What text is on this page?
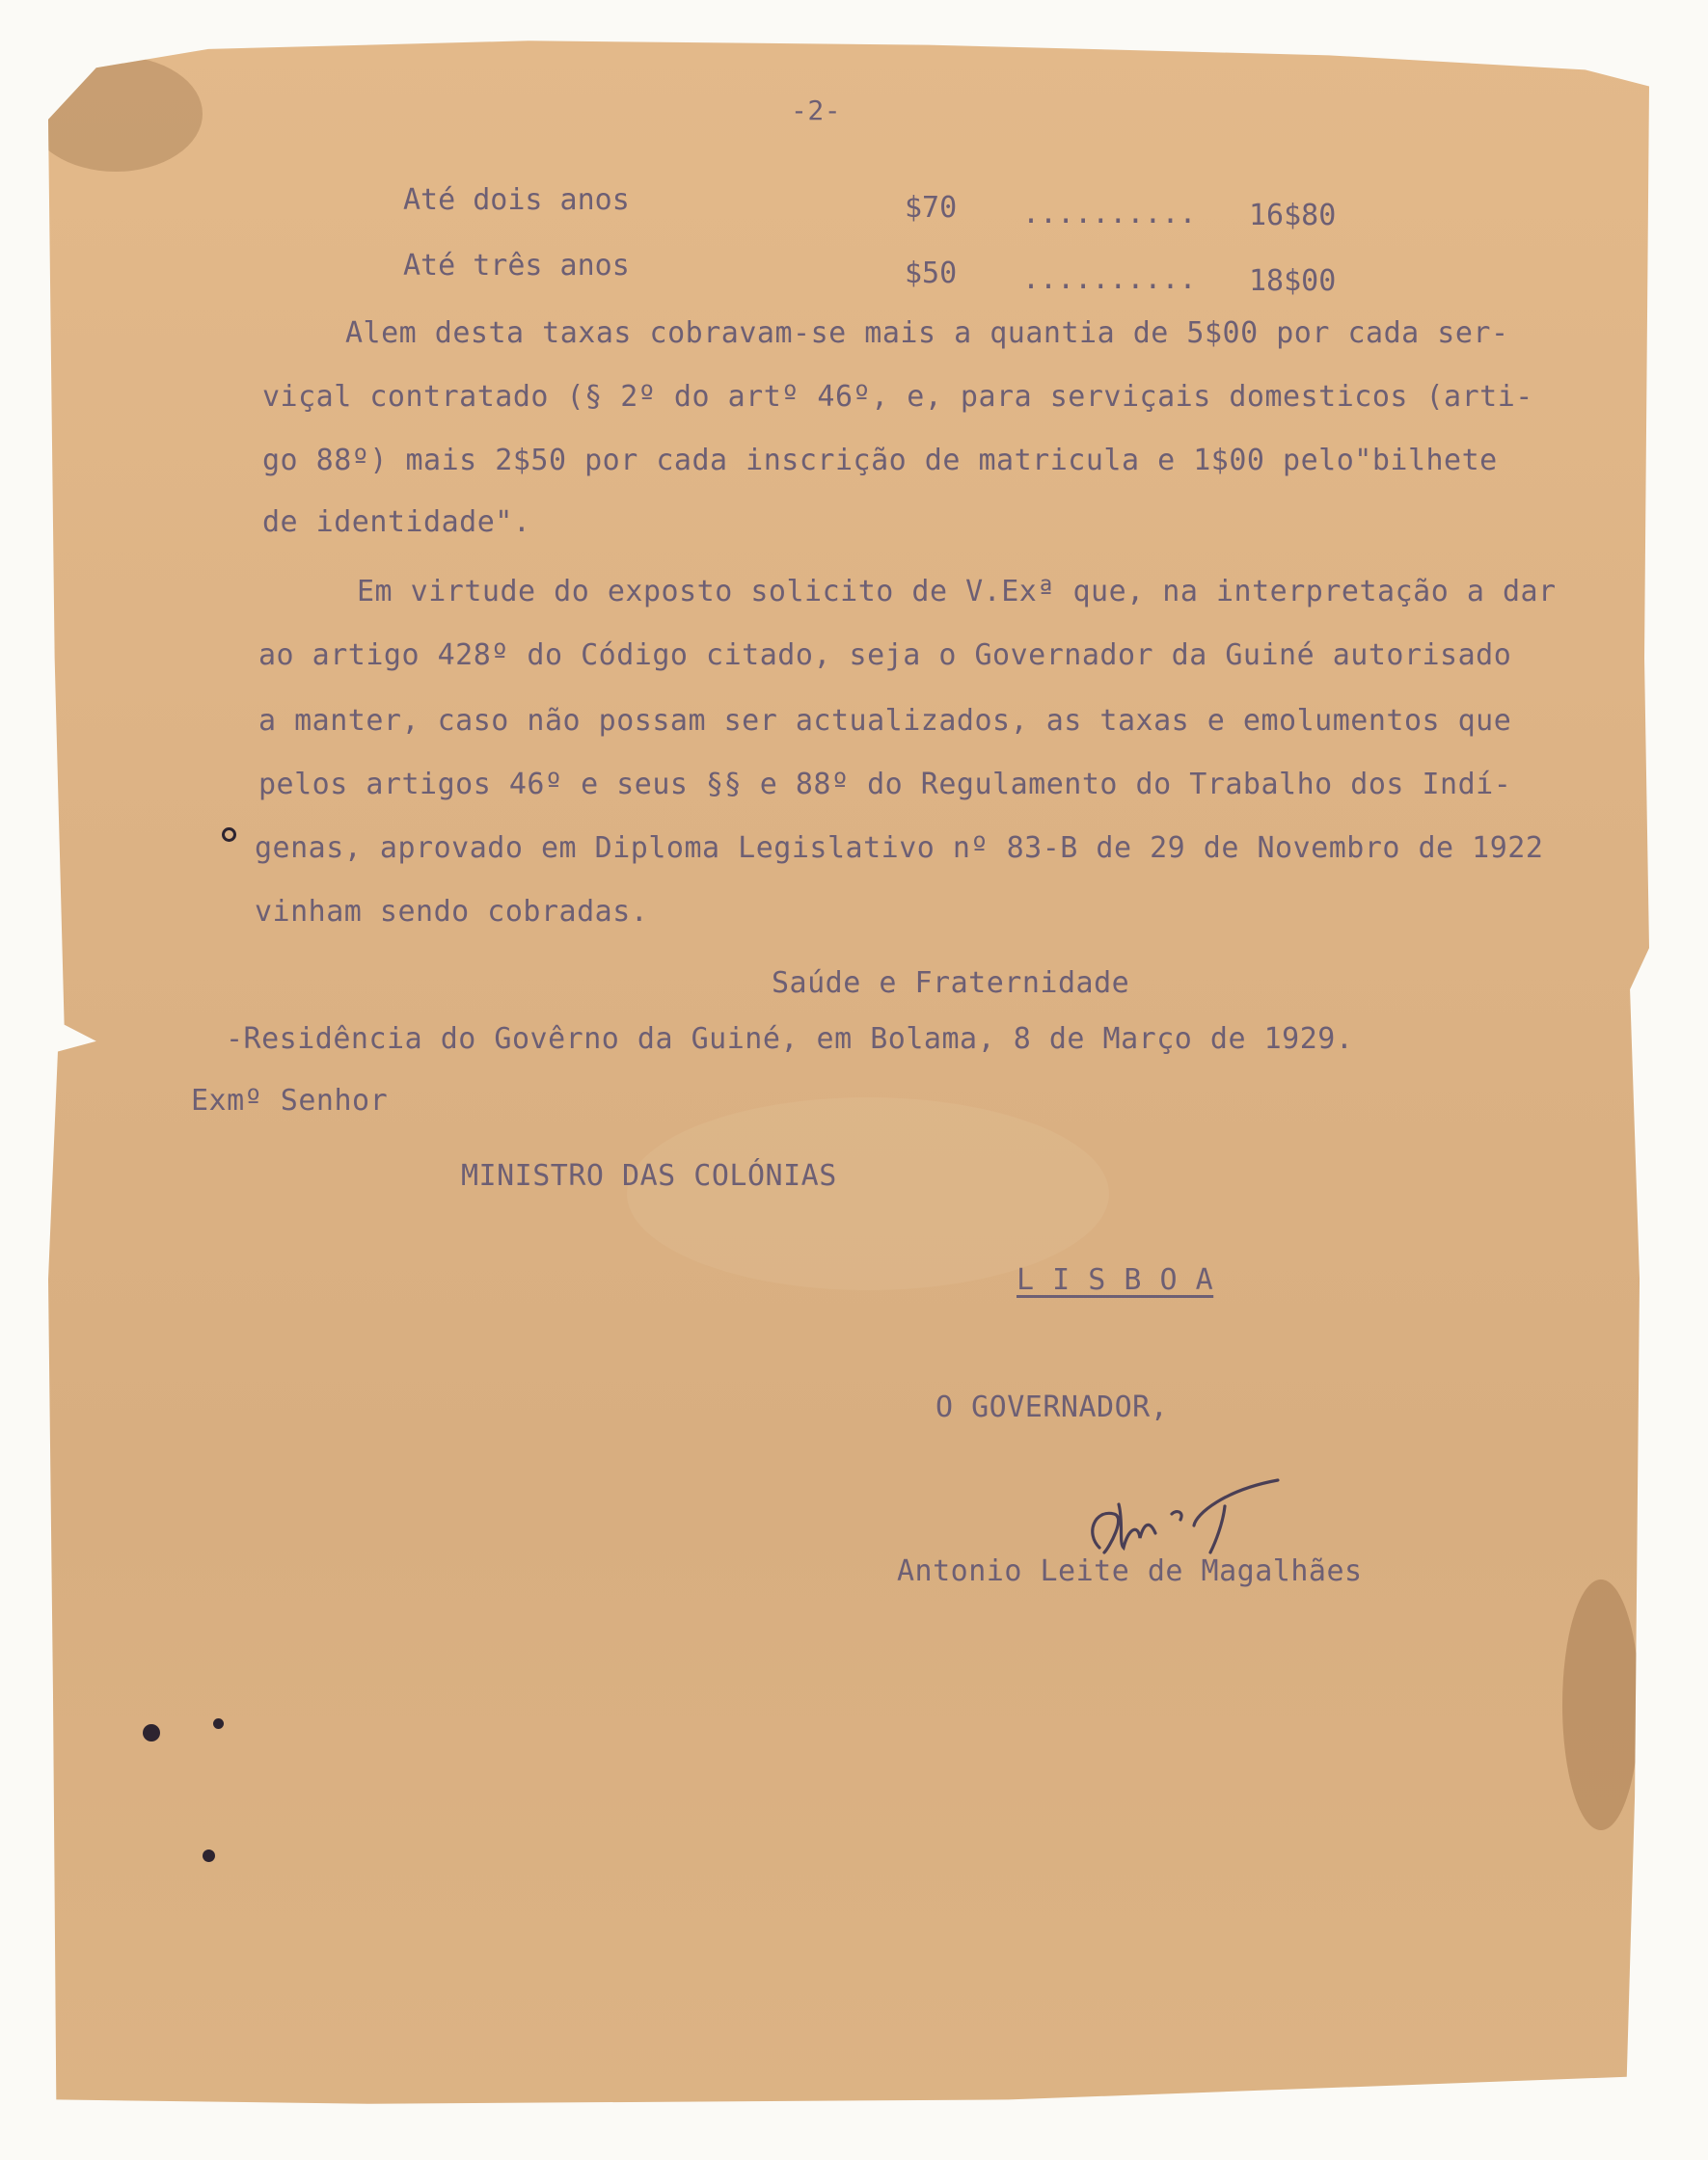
-2-
Até dois anos	$70 .......... 16$80
Até três anos	$50 .......... 18$00
Alem desta taxas cobravam-se mais a quantia de 5$00 por cada ser-
viçal contratado (§ 2º do artº 46º, e, para serviçais domesticos (arti-
go 88º) mais 2$50 por cada inscrição de matricula e 1$00 pelo"bilhete
de identidade".
Em virtude do exposto solicito de V.Exª que, na interpretação a dar
ao artigo 428º do Código citado, seja o Governador da Guiné autorisado
a manter, caso não possam ser actualizados, as taxas e emolumentos que
pelos artigos 46º e seus §§ e 88º do Regulamento do Trabalho dos Indí-
genas, aprovado em Diploma Legislativo nº 83-B de 29 de Novembro de 1922
vinham sendo cobradas.
Saúde e Fraternidade
-Residência do Govêrno da Guiné, em Bolama, 8 de Março de 1929.
Exmº Senhor
MINISTRO DAS COLÓNIAS
L I S B O A
O GOVERNADOR,
Antonio Leite de Magalhães
